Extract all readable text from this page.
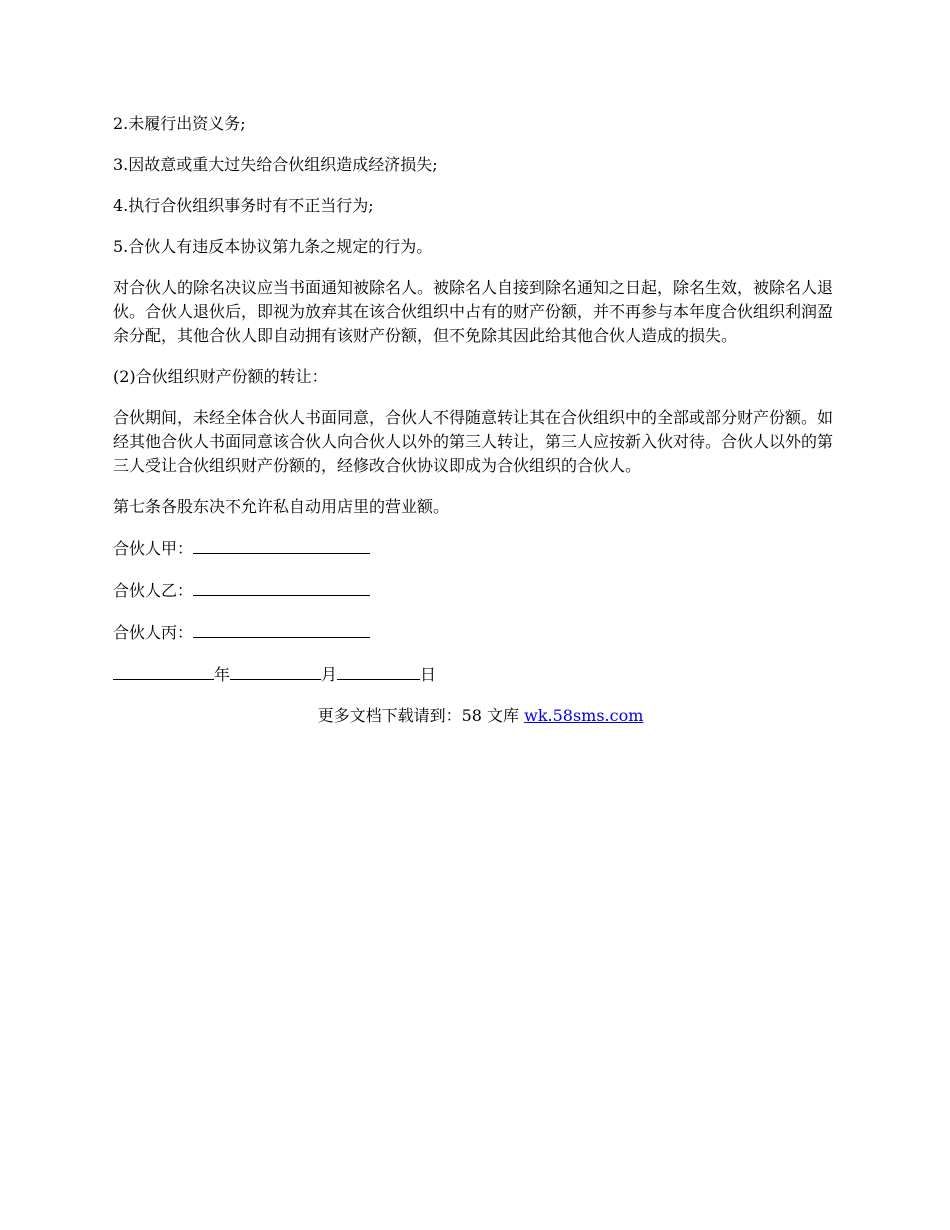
2.未履行出资义务;

3.因故意或重大过失给合伙组织造成经济损失;

4.执行合伙组织事务时有不正当行为;

5.合伙人有违反本协议第九条之规定的行为。

对合伙人的除名决议应当书面通知被除名人。被除名人自接到除名通知之日起，除名生效，被除名人退伙。合伙人退伙后，即视为放弃其在该合伙组织中占有的财产份额，并不再参与本年度合伙组织利润盈余分配，其他合伙人即自动拥有该财产份额，但不免除其因此给其他合伙人造成的损失。

(2)合伙组织财产份额的转让：

合伙期间，未经全体合伙人书面同意，合伙人不得随意转让其在合伙组织中的全部或部分财产份额。如经其他合伙人书面同意该合伙人向合伙人以外的第三人转让，第三人应按新入伙对待。合伙人以外的第三人受让合伙组织财产份额的，经修改合伙协议即成为合伙组织的合伙人。

第七条各股东决不允许私自动用店里的营业额。

合伙人甲：

合伙人乙：

合伙人丙：

年	月	日

更多文档下载请到：58 文库 wk.58sms.com
